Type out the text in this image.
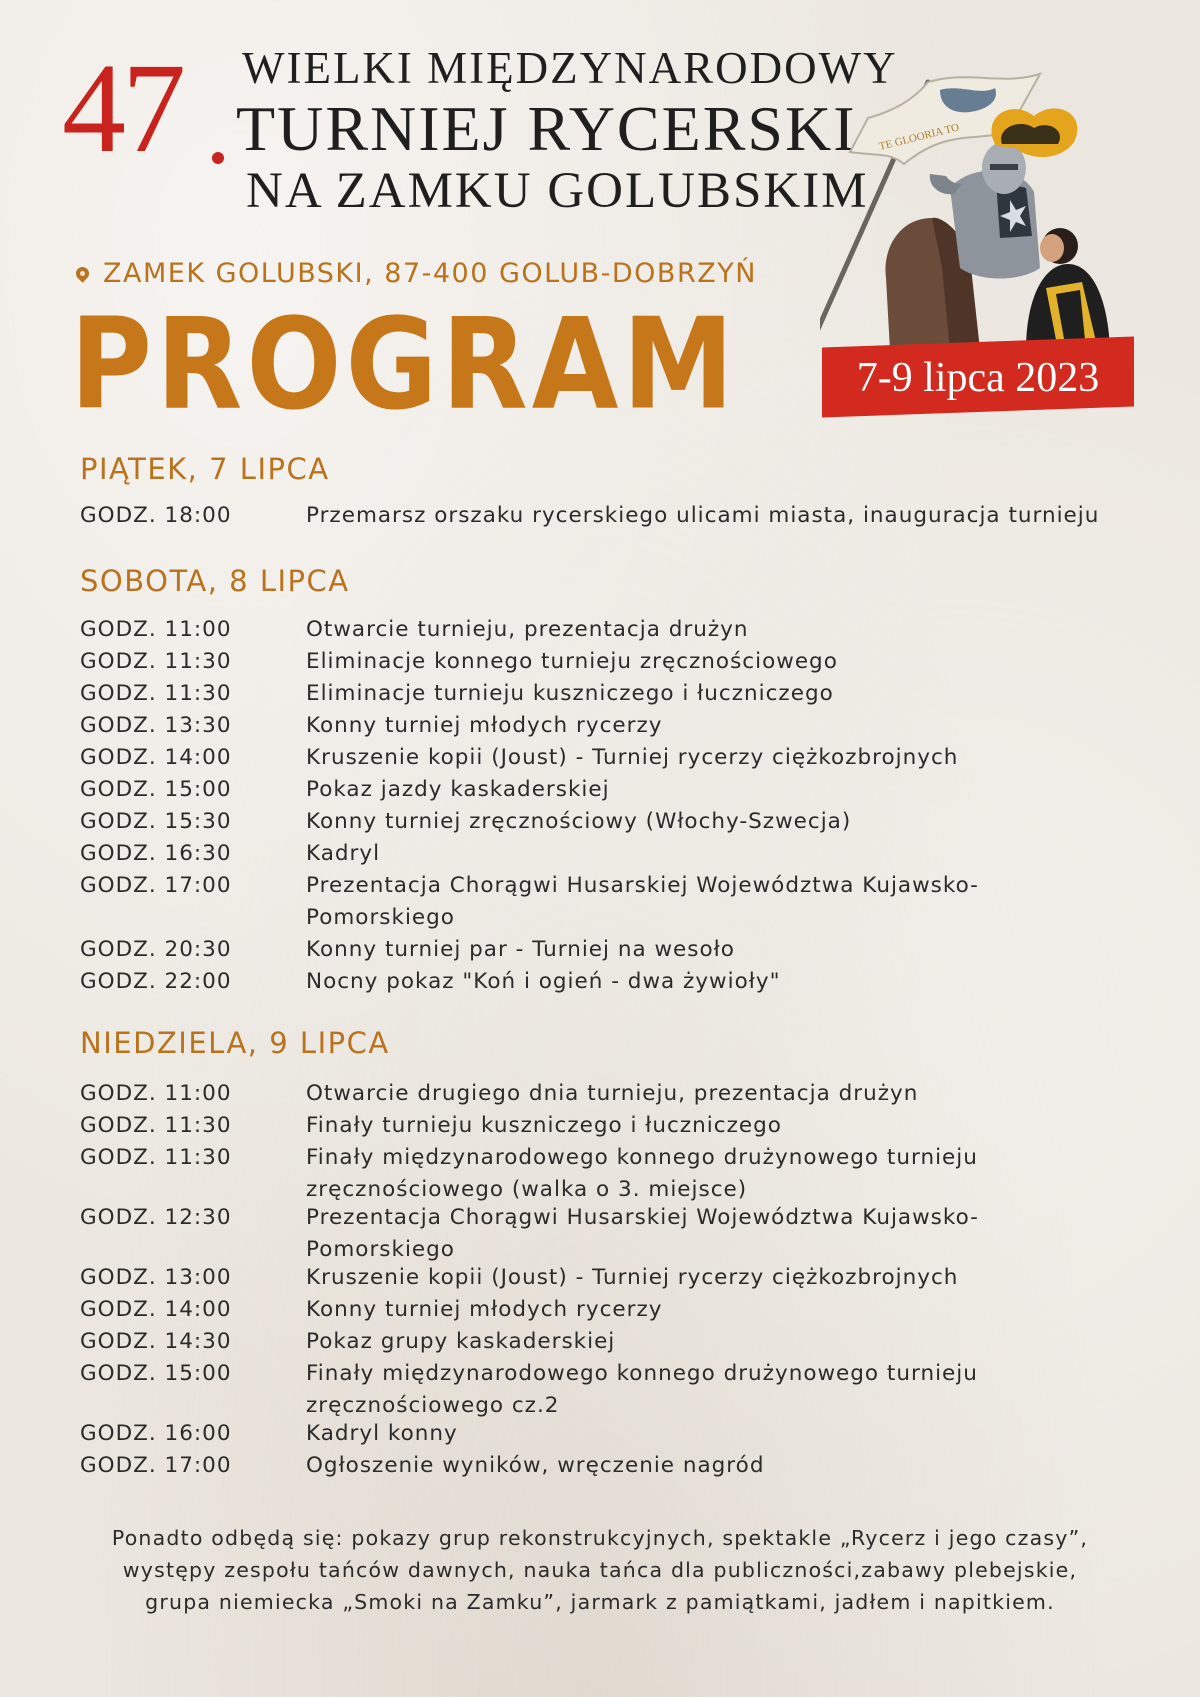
47 WIELKI MIĘDZYNARODOWY
TURNIEJ RYCERSKI
NA ZAMKU GOLUBSKIM
ZAMEK GOLUBSKI, 87-400 GOLUB-DOBRZYŃ
PROGRAM
TE GLOORIA TO
7-9 lipca 2023
PIĄTEK, 7 LIPCA
GODZ. 18:00	Przemarsz orszaku rycerskiego ulicami miasta, inauguracja turnieju
SOBOTA, 8 LIPCA
GODZ. 11:00	Otwarcie turnieju, prezentacja drużyn
GODZ. 11:30	Eliminacje konnego turnieju zręcznościowego
GODZ. 11:30	Eliminacje turnieju kuszniczego i łuczniczego
GODZ. 13:30	Konny turniej młodych rycerzy
GODZ. 14:00	Kruszenie kopii (Joust) - Turniej rycerzy ciężkozbrojnych
GODZ. 15:00	Pokaz jazdy kaskaderskiej
GODZ. 15:30	Konny turniej zręcznościowy (Włochy-Szwecja)
GODZ. 16:30	Kadryl
GODZ. 17:00	Prezentacja Chorągwi Husarskiej Województwa Kujawsko-Pomorskiego
GODZ. 20:30	Konny turniej par - Turniej na wesoło
GODZ. 22:00	Nocny pokaz "Koń i ogień - dwa żywioły"
NIEDZIELA, 9 LIPCA
GODZ. 11:00	Otwarcie drugiego dnia turnieju, prezentacja drużyn
GODZ. 11:30	Finały turnieju kuszniczego i łuczniczego
GODZ. 11:30	Finały międzynarodowego konnego drużynowego turnieju zręcznościowego (walka o 3. miejsce)
GODZ. 12:30	Prezentacja Chorągwi Husarskiej Województwa Kujawsko-Pomorskiego
GODZ. 13:00	Kruszenie kopii (Joust) - Turniej rycerzy ciężkozbrojnych
GODZ. 14:00	Konny turniej młodych rycerzy
GODZ. 14:30	Pokaz grupy kaskaderskiej
GODZ. 15:00	Finały międzynarodowego konnego drużynowego turnieju zręcznościowego cz.2
GODZ. 16:00	Kadryl konny
GODZ. 17:00	Ogłoszenie wyników, wręczenie nagród
Ponadto odbędą się: pokazy grup rekonstrukcyjnych, spektakle „Rycerz i jego czasy”,
występy zespołu tańców dawnych, nauka tańca dla publiczności,zabawy plebejskie,
grupa niemiecka „Smoki na Zamku”, jarmark z pamiątkami, jadłem i napitkiem.
